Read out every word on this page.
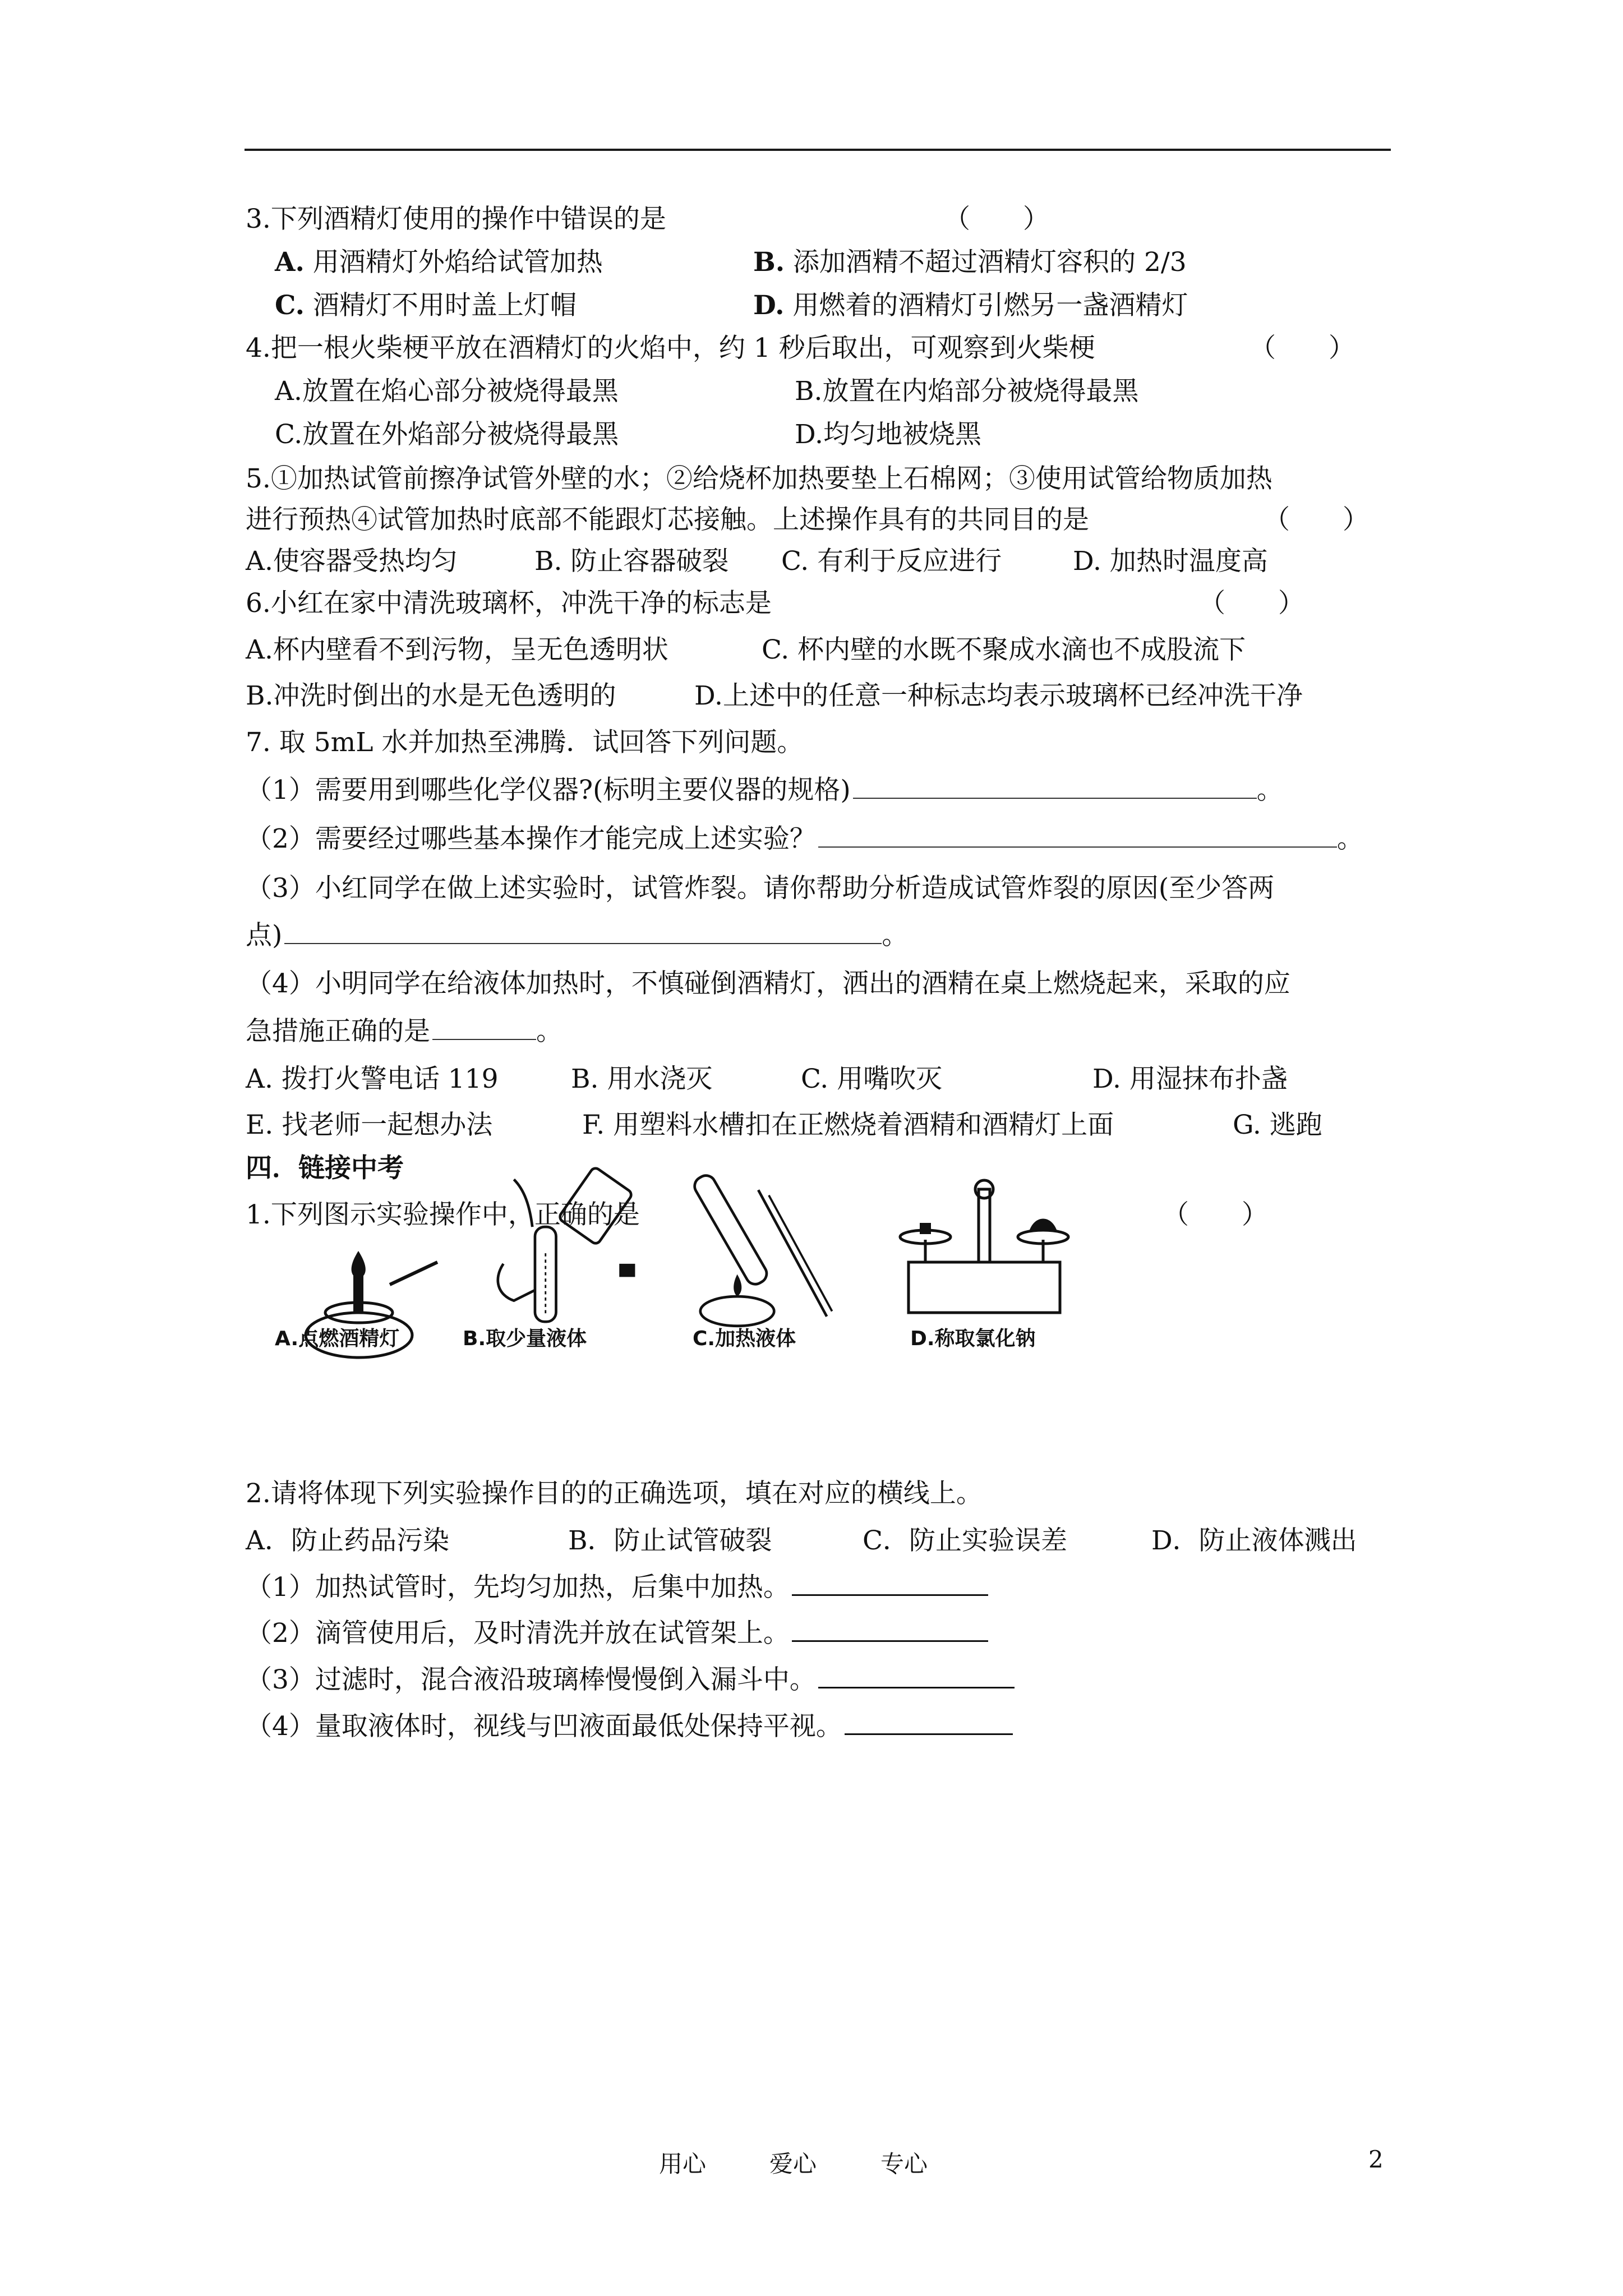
3.下列酒精灯使用的操作中错误的是	（　　）
A. 用酒精灯外焰给试管加热	B. 添加酒精不超过酒精灯容积的 2/3
C. 酒精灯不用时盖上灯帽	D. 用燃着的酒精灯引燃另一盏酒精灯
4.把一根火柴梗平放在酒精灯的火焰中，约 1 秒后取出，可观察到火柴梗	（　　）
A.放置在焰心部分被烧得最黑	B.放置在内焰部分被烧得最黑
C.放置在外焰部分被烧得最黑	D.均匀地被烧黑
5.①加热试管前擦净试管外壁的水；②给烧杯加热要垫上石棉网；③使用试管给物质加热
进行预热④试管加热时底部不能跟灯芯接触。上述操作具有的共同目的是	（　　）
A.使容器受热均匀	B. 防止容器破裂 C. 有利于反应进行	D. 加热时温度高
6.小红在家中清洗玻璃杯，冲洗干净的标志是	（　　）
A.杯内壁看不到污物，呈无色透明状	C. 杯内壁的水既不聚成水滴也不成股流下
B.冲洗时倒出的水是无色透明的	D.上述中的任意一种标志均表示玻璃杯已经冲洗干净
7. 取 5mL 水并加热至沸腾．试回答下列问题。
（1）需要用到哪些化学仪器?(标明主要仪器的规格)	。
（2）需要经过哪些基本操作才能完成上述实验？	。
（3）小红同学在做上述实验时，试管炸裂。请你帮助分析造成试管炸裂的原因(至少答两
点)	。
（4）小明同学在给液体加热时，不慎碰倒酒精灯，洒出的酒精在桌上燃烧起来，采取的应
急措施正确的是	。
A. 拨打火警电话 119	B. 用水浇灭	C. 用嘴吹灭	D. 用湿抹布扑盏
E. 找老师一起想办法	F. 用塑料水槽扣在正燃烧着酒精和酒精灯上面	G. 逃跑
四．链接中考
1.下列图示实验操作中，正确的是	（　　）
A.点燃酒精灯	B.取少量液体	C.加热液体	D.称取氯化钠
2.请将体现下列实验操作目的的正确选项，填在对应的横线上。
A．防止药品污染	B．防止试管破裂	C．防止实验误差	D．防止液体溅出
（1）加热试管时，先均匀加热，后集中加热。
（2）滴管使用后，及时清洗并放在试管架上。
（3）过滤时，混合液沿玻璃棒慢慢倒入漏斗中。
（4）量取液体时，视线与凹液面最低处保持平视。
用心	爱心	专心	2
